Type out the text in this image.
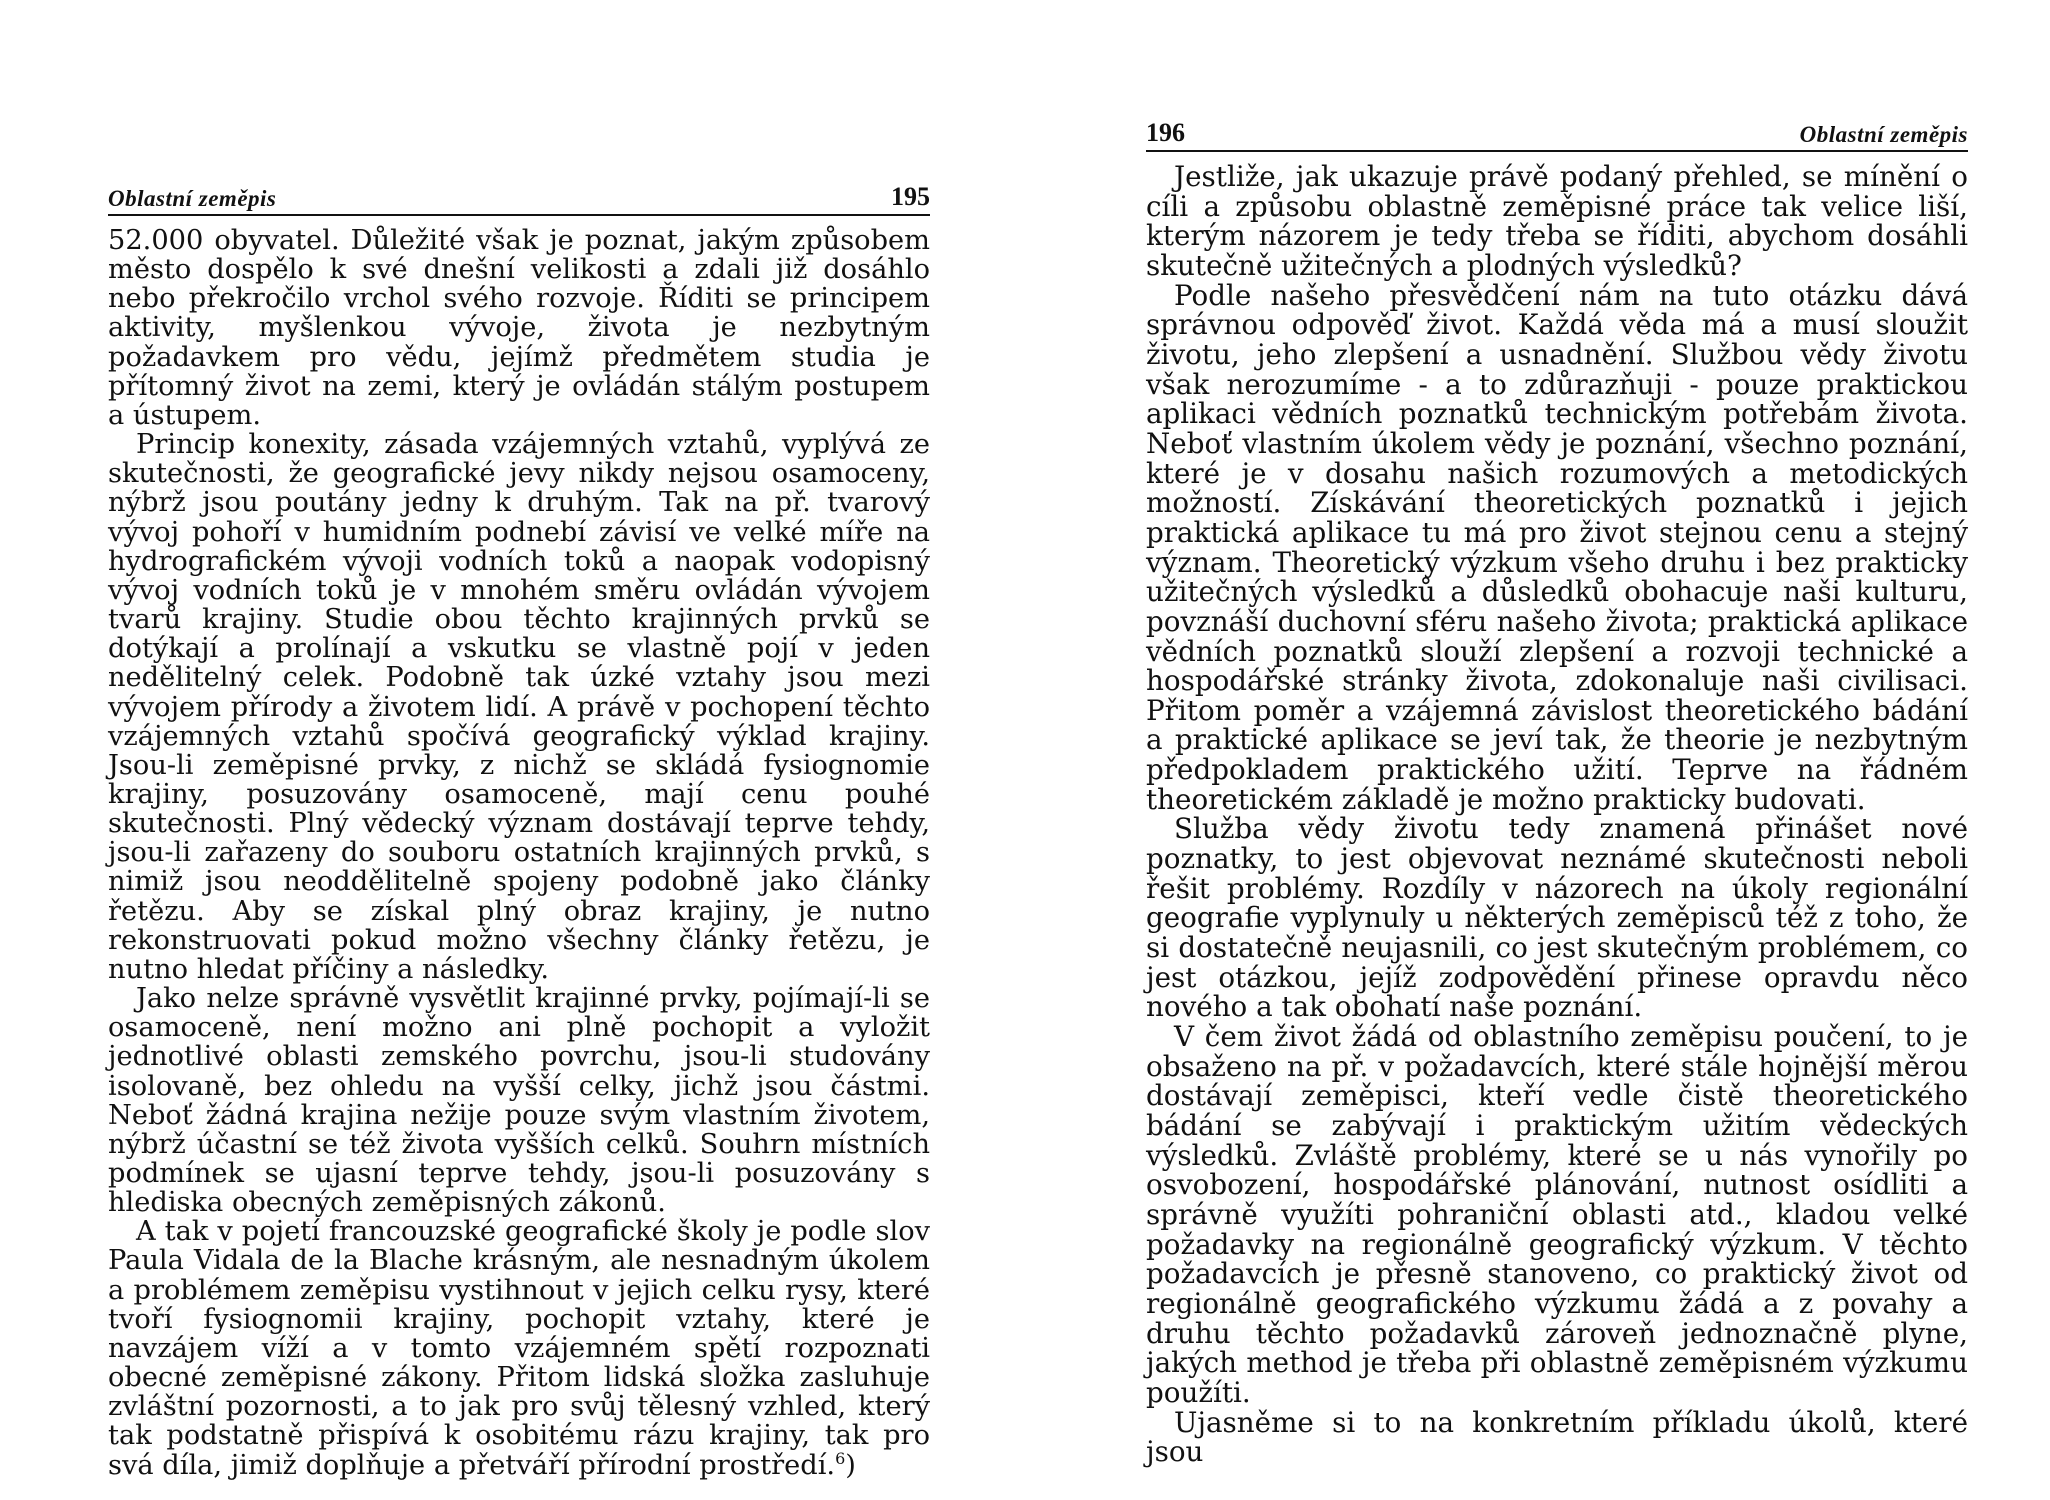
Oblastní zeměpis	195

52.000 obyvatel. Důležité však je poznat, jakým způsobem město dospělo k své dnešní velikosti a zdali již dosáhlo nebo překročilo vrchol svého rozvoje. Říditi se principem aktivity, myšlenkou vývoje, života je nezbytným požadavkem pro vědu, jejímž předmětem studia je přítomný život na zemi, který je ovládán stálým postupem a ústupem.

Princip konexity, zásada vzájemných vztahů, vyplývá ze skutečnosti, že geografické jevy nikdy nejsou osamoceny, nýbrž jsou poutány jedny k druhým. Tak na př. tvarový vývoj pohoří v humidním podnebí závisí ve velké míře na hydrografickém vývoji vodních toků a naopak vodopisný vývoj vodních toků je v mnohém směru ovládán vývojem tvarů krajiny. Studie obou těchto krajinných prvků se dotýkají a prolínají a vskutku se vlastně pojí v jeden nedělitelný celek. Podobně tak úzké vztahy jsou mezi vývojem přírody a životem lidí. A právě v pochopení těchto vzájemných vztahů spočívá geografický výklad krajiny. Jsou-li zeměpisné prvky, z nichž se skládá fysiognomie krajiny, posuzovány osamoceně, mají cenu pouhé skutečnosti. Plný vědecký význam dostávají teprve tehdy, jsou-li zařazeny do souboru ostatních krajinných prvků, s nimiž jsou neoddělitelně spojeny podobně jako články řetězu. Aby se získal plný obraz krajiny, je nutno rekonstruovati pokud možno všechny články řetězu, je nutno hledat příčiny a následky.

Jako nelze správně vysvětlit krajinné prvky, pojímají-li se osamoceně, není možno ani plně pochopit a vyložit jednotlivé oblasti zemského povrchu, jsou-li studovány isolovaně, bez ohledu na vyšší celky, jichž jsou částmi. Neboť žádná krajina nežije pouze svým vlastním životem, nýbrž účastní se též života vyšších celků. Souhrn místních podmínek se ujasní teprve tehdy, jsou-li posuzovány s hlediska obecných zeměpisných zákonů.

A tak v pojetí francouzské geografické školy je podle slov Paula Vidala de la Blache krásným, ale nesnadným úkolem a problémem zeměpisu vystihnout v jejich celku rysy, které tvoří fysiognomii krajiny, pochopit vztahy, které je navzájem víží a v tomto vzájemném spětí rozpoznati obecné zeměpisné zákony. Přitom lidská složka zasluhuje zvláštní pozornosti, a to jak pro svůj tělesný vzhled, který tak podstatně přispívá k osobitému rázu krajiny, tak pro svá díla, jimiž doplňuje a přetváří přírodní prostředí.$^6$)

196	Oblastní zeměpis

Jestliže, jak ukazuje právě podaný přehled, se mínění o cíli a způsobu oblastně zeměpisné práce tak velice liší, kterým názorem je tedy třeba se říditi, abychom dosáhli skutečně užitečných a plodných výsledků?

Podle našeho přesvědčení nám na tuto otázku dává správnou odpověď život. Každá věda má a musí sloužit životu, jeho zlepšení a usnadnění. Službou vědy životu však nerozumíme - a to zdůrazňuji - pouze praktickou aplikaci vědních poznatků technickým potřebám života. Neboť vlastním úkolem vědy je poznání, všechno poznání, které je v dosahu našich rozumových a metodických možností. Získávání theoretických poznatků i jejich praktická aplikace tu má pro život stejnou cenu a stejný význam. Theoretický výzkum všeho druhu i bez prakticky užitečných výsledků a důsledků obohacuje naši kulturu, povznáší duchovní sféru našeho života; praktická aplikace vědních poznatků slouží zlepšení a rozvoji technické a hospodářské stránky života, zdokonaluje naši civilisaci. Přitom poměr a vzájemná závislost theoretického bádání a praktické aplikace se jeví tak, že theorie je nezbytným předpokladem praktického užití. Teprve na řádném theoretickém základě je možno prakticky budovati.

Služba vědy životu tedy znamená přinášet nové poznatky, to jest objevovat neznámé skutečnosti neboli řešit problémy. Rozdíly v názorech na úkoly regionální geografie vyplynuly u některých zeměpisců též z toho, že si dostatečně neujasnili, co jest skutečným problémem, co jest otázkou, jejíž zodpovědění přinese opravdu něco nového a tak obohatí naše poznání.

V čem život žádá od oblastního zeměpisu poučení, to je obsaženo na př. v požadavcích, které stále hojnější měrou dostávají zeměpisci, kteří vedle čistě theoretického bádání se zabývají i praktickým užitím vědeckých výsledků. Zvláště problémy, které se u nás vynořily po osvobození, hospodářské plánování, nutnost osídliti a správně využíti pohraniční oblasti atd., kladou velké požadavky na regionálně geografický výzkum. V těchto požadavcích je přesně stanoveno, co praktický život od regionálně geografického výzkumu žádá a z povahy a druhu těchto požadavků zároveň jednoznačně plyne, jakých method je třeba při oblastně zeměpisném výzkumu použíti.

Ujasněme si to na konkretním příkladu úkolů, které jsou
